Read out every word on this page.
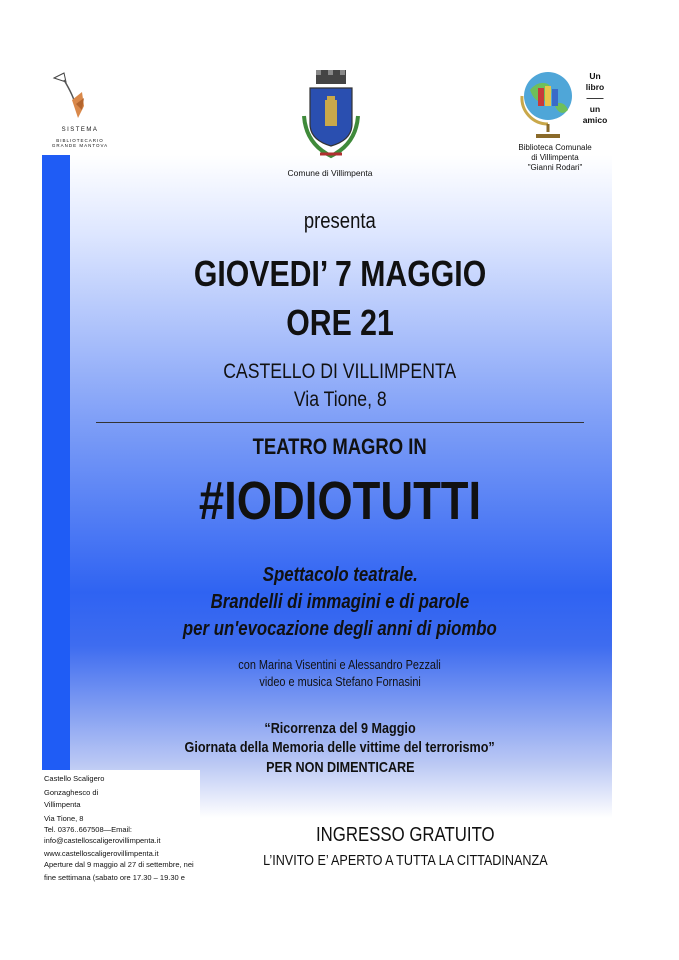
SISTEMA
BIBLIOTECARIO
GRANDE MANTOVA
Comune di Villimpenta
Un
libro
——
un
amico
Biblioteca Comunale
di Villimpenta
"Gianni Rodari"
presenta
GIOVEDI’ 7 MAGGIO
ORE 21
CASTELLO DI VILLIMPENTA
Via Tione, 8
TEATRO MAGRO IN
#IODIOTUTTI
Spettacolo teatrale.
Brandelli di immagini e di parole
per un'evocazione degli anni di piombo
con Marina Visentini e Alessandro Pezzali
video e musica Stefano Fornasini
“Ricorrenza del 9 Maggio
Giornata della Memoria delle vittime del terrorismo”
PER NON DIMENTICARE
Castello Scaligero
Gonzaghesco di
Villimpenta
Via Tione, 8
Tel. 0376..667508—Email:
info@castelloscaligerovillimpenta.it
www.castelloscaligerovillimpenta.it
Aperture dal 9 maggio al 27 di settembre, nei
fine settimana (sabato ore 17.30 – 19.30 e
INGRESSO GRATUITO
L’INVITO E’ APERTO A TUTTA LA CITTADINANZA
